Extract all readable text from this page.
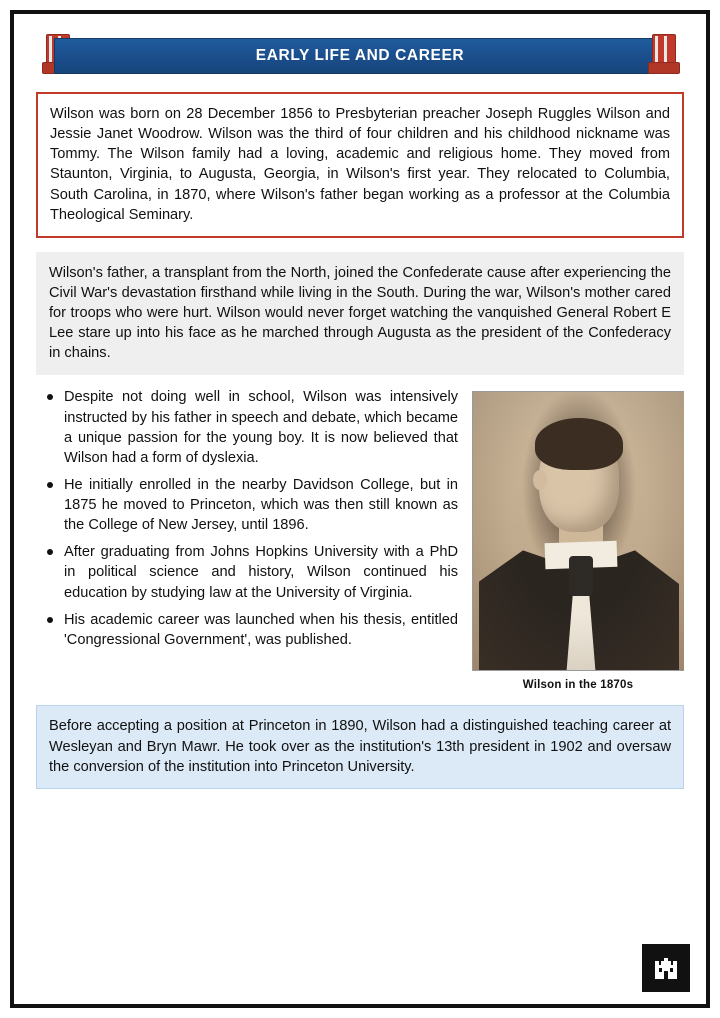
EARLY LIFE AND CAREER
Wilson was born on 28 December 1856 to Presbyterian preacher Joseph Ruggles Wilson and Jessie Janet Woodrow. Wilson was the third of four children and his childhood nickname was Tommy. The Wilson family had a loving, academic and religious home. They moved from Staunton, Virginia, to Augusta, Georgia, in Wilson's first year. They relocated to Columbia, South Carolina, in 1870, where Wilson's father began working as a professor at the Columbia Theological Seminary.
Wilson's father, a transplant from the North, joined the Confederate cause after experiencing the Civil War's devastation firsthand while living in the South. During the war, Wilson's mother cared for troops who were hurt. Wilson would never forget watching the vanquished General Robert E Lee stare up into his face as he marched through Augusta as the president of the Confederacy in chains.
Wilson in the 1870s
Despite not doing well in school, Wilson was intensively instructed by his father in speech and debate, which became a unique passion for the young boy. It is now believed that Wilson had a form of dyslexia.
He initially enrolled in the nearby Davidson College, but in 1875 he moved to Princeton, which was then still known as the College of New Jersey, until 1896.
After graduating from Johns Hopkins University with a PhD in political science and history, Wilson continued his education by studying law at the University of Virginia.
His academic career was launched when his thesis, entitled 'Congressional Government', was published.
Before accepting a position at Princeton in 1890, Wilson had a distinguished teaching career at Wesleyan and Bryn Mawr. He took over as the institution's 13th president in 1902 and oversaw the conversion of the institution into Princeton University.
